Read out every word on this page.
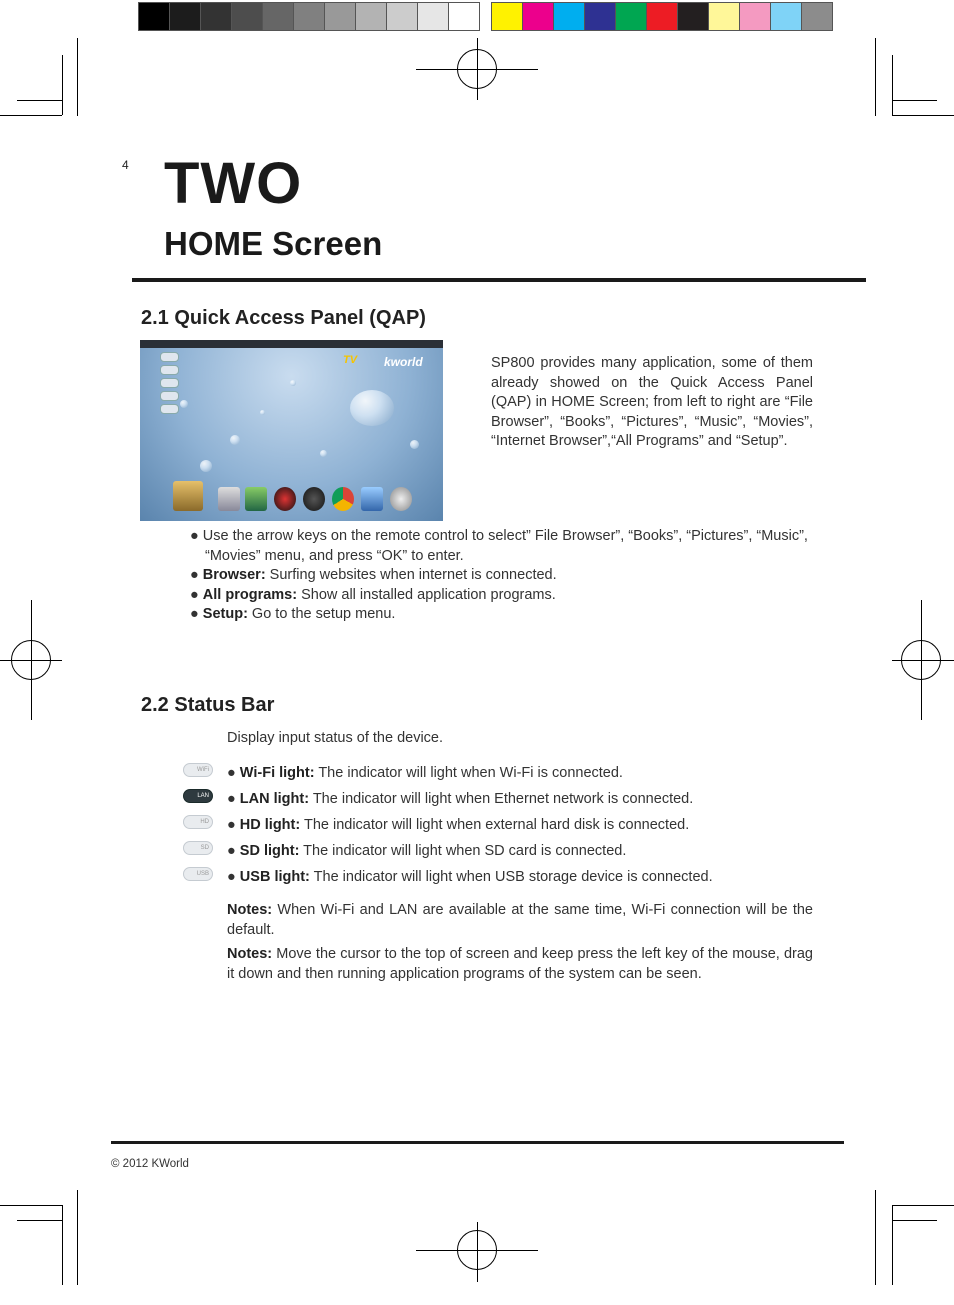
4 TWO
HOME Screen
2.1 Quick Access Panel (QAP)
TV kworld	SP800 provides many application, some of them already showed on the Quick Access Panel (QAP) in HOME Screen; from left to right are “File Browser”, “Books”, “Pictures”, “Music”, “Movies”, “Internet Browser”,“All Programs” and “Setup”.
● Use the arrow keys on the remote control to select” File Browser”, “Books”, “Pictures”, “Music”, “Movies” menu, and press “OK” to enter.
● Browser: Surfing websites when internet is connected.
● All programs: Show all installed application programs.
● Setup: Go to the setup menu.
2.2 Status Bar
Display input status of the device.
WiFi
LAN
HD
SD
USB
● Wi-Fi light: The indicator will light when Wi-Fi is connected.
● LAN light: The indicator will light when Ethernet network is connected.
● HD light: The indicator will light when external hard disk is connected.
● SD light: The indicator will light when SD card is connected.
● USB light: The indicator will light when USB storage device is connected.
Notes: When Wi-Fi and LAN are available at the same time, Wi-Fi connection will be the default.
Notes: Move the cursor to the top of screen and keep press the left key of the mouse, drag it down and then running application programs of the system can be seen.
© 2012 KWorld
